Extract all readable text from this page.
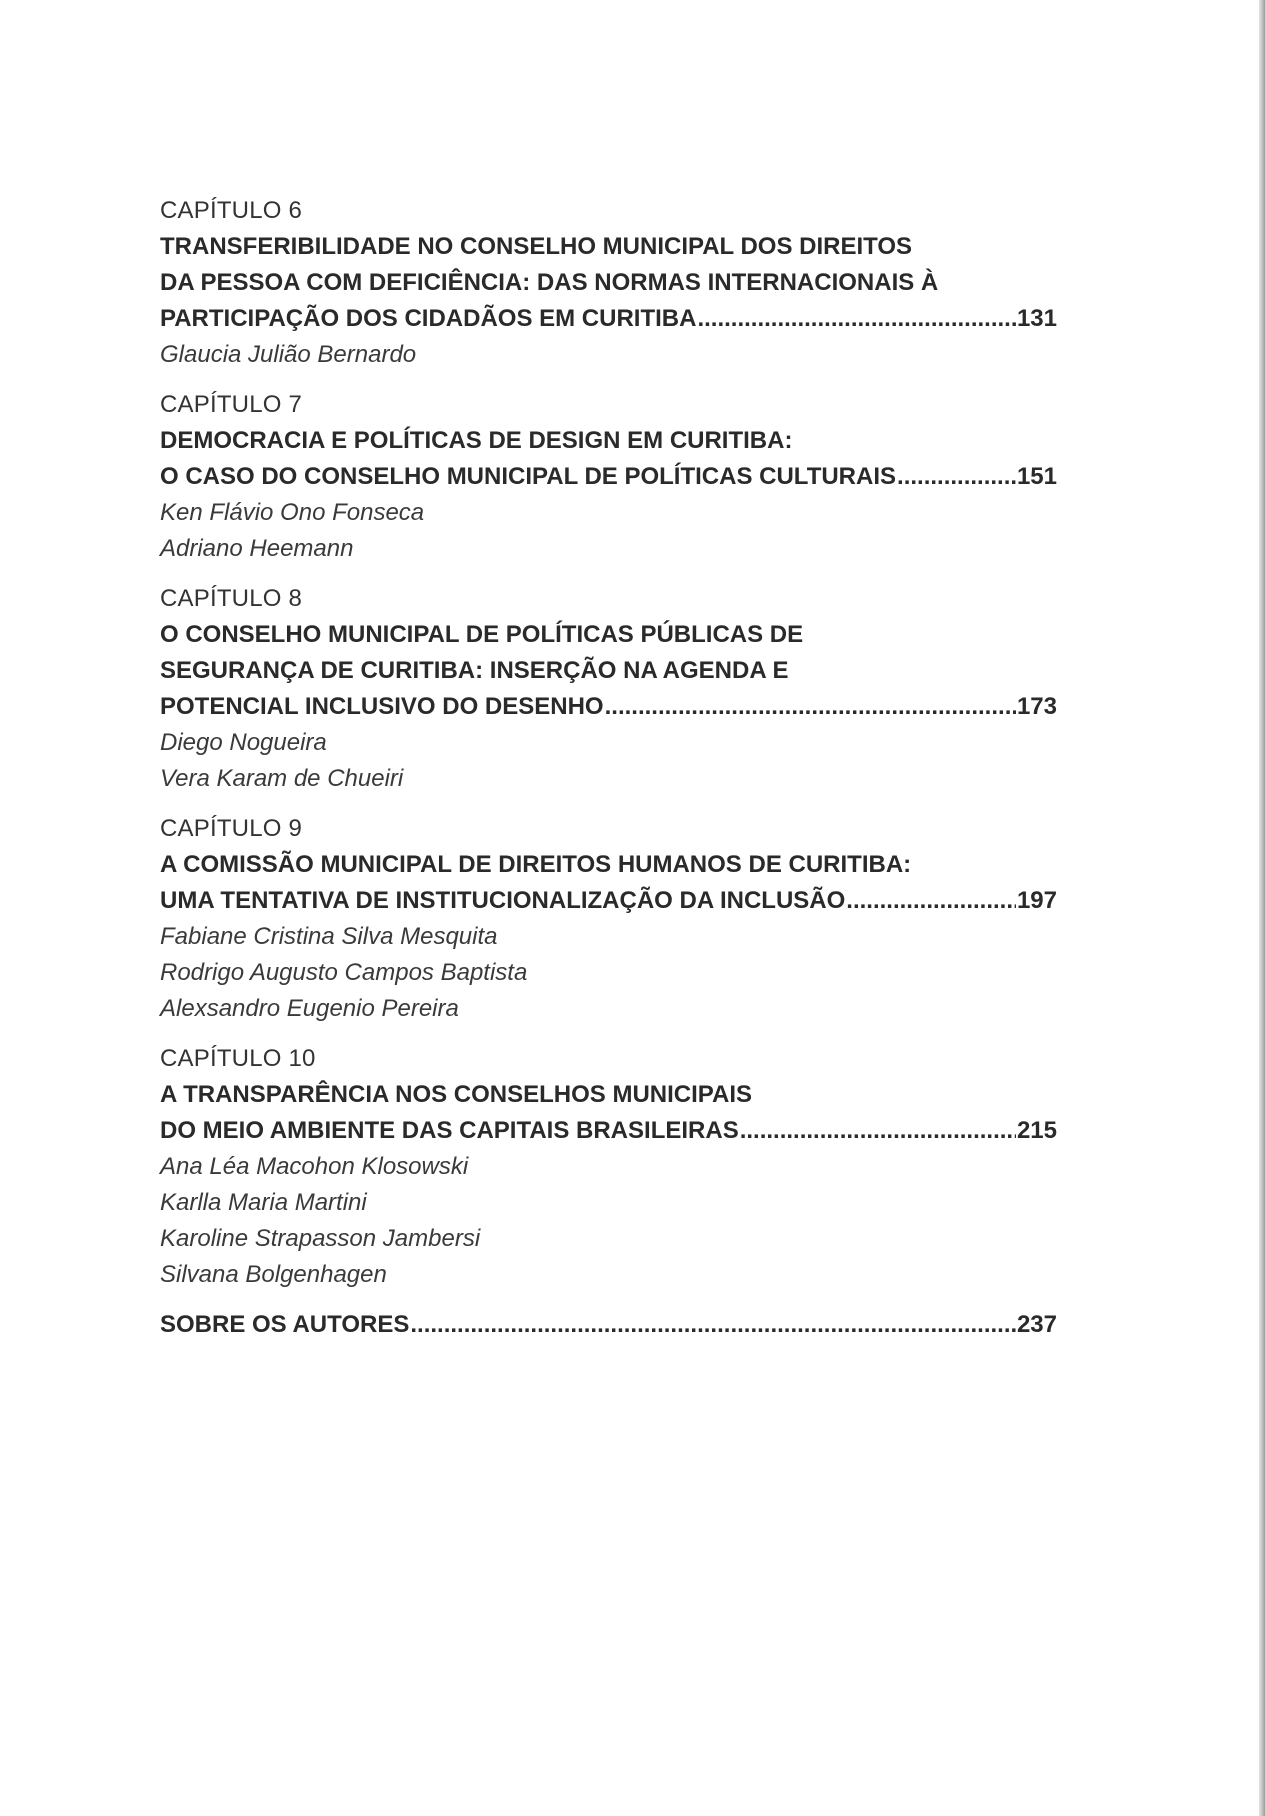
CAPÍTULO 6
TRANSFERIBILIDADE NO CONSELHO MUNICIPAL DOS DIREITOS
DA PESSOA COM DEFICIÊNCIA: DAS NORMAS INTERNACIONAIS À
PARTICIPAÇÃO DOS CIDADÃOS EM CURITIBA .....	131
Glaucia Julião Bernardo
CAPÍTULO 7
DEMOCRACIA E POLÍTICAS DE DESIGN EM CURITIBA:
O CASO DO CONSELHO MUNICIPAL DE POLÍTICAS CULTURAIS .....	151
Ken Flávio Ono Fonseca
Adriano Heemann
CAPÍTULO 8
O CONSELHO MUNICIPAL DE POLÍTICAS PÚBLICAS DE
SEGURANÇA DE CURITIBA: INSERÇÃO NA AGENDA E
POTENCIAL INCLUSIVO DO DESENHO .....	173
Diego Nogueira
Vera Karam de Chueiri
CAPÍTULO 9
A COMISSÃO MUNICIPAL DE DIREITOS HUMANOS DE CURITIBA:
UMA TENTATIVA DE INSTITUCIONALIZAÇÃO DA INCLUSÃO .....	197
Fabiane Cristina Silva Mesquita
Rodrigo Augusto Campos Baptista
Alexsandro Eugenio Pereira
CAPÍTULO 10
A TRANSPARÊNCIA NOS CONSELHOS MUNICIPAIS
DO MEIO AMBIENTE DAS CAPITAIS BRASILEIRAS .....	215
Ana Léa Macohon Klosowski
Karlla Maria Martini
Karoline Strapasson Jambersi
Silvana Bolgenhagen
SOBRE OS AUTORES .....	237
